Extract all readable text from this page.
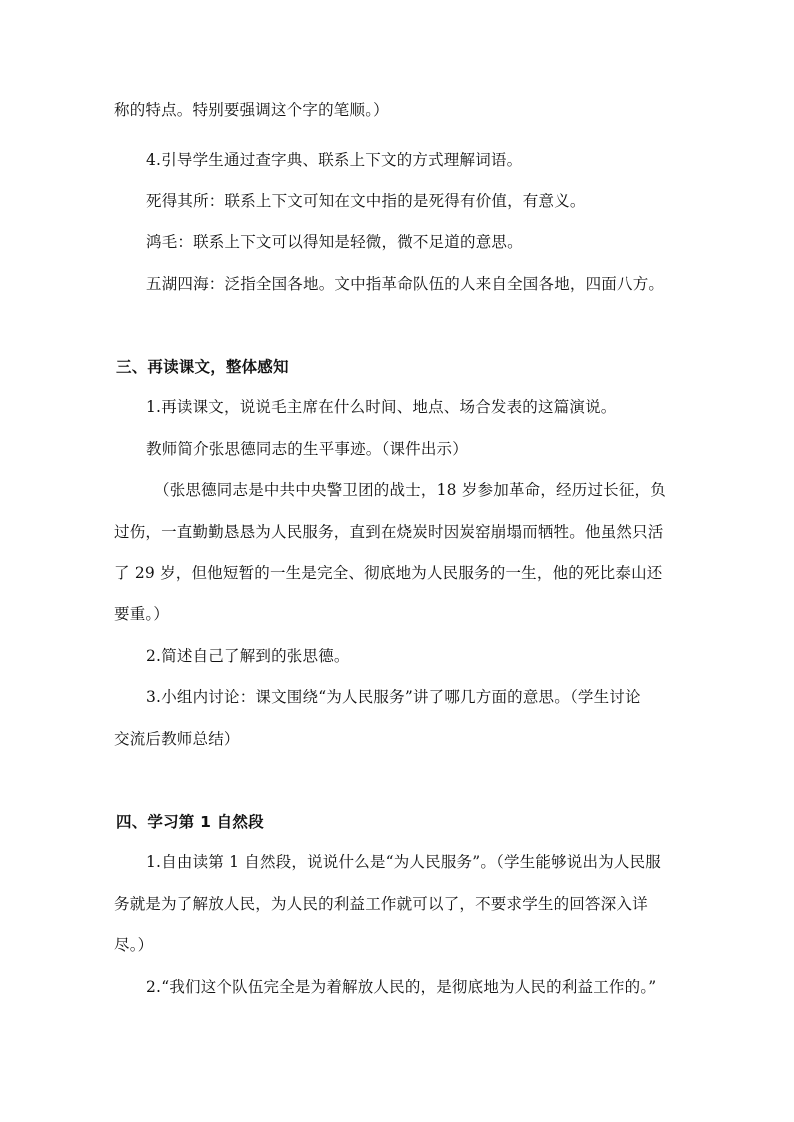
称的特点。特别要强调这个字的笔顺。）
4.引导学生通过查字典、联系上下文的方式理解词语。
死得其所：联系上下文可知在文中指的是死得有价值，有意义。
鸿毛：联系上下文可以得知是轻微，微不足道的意思。
五湖四海：泛指全国各地。文中指革命队伍的人来自全国各地，四面八方。
三、再读课文，整体感知
1.再读课文，说说毛主席在什么时间、地点、场合发表的这篇演说。
教师简介张思德同志的生平事迹。（课件出示）
（张思德同志是中共中央警卫团的战士，18 岁参加革命，经历过长征，负
过伤，一直勤勤恳恳为人民服务，直到在烧炭时因炭窑崩塌而牺牲。他虽然只活
了 29 岁，但他短暂的一生是完全、彻底地为人民服务的一生，他的死比泰山还
要重。）
2.简述自己了解到的张思德。
3.小组内讨论：课文围绕“为人民服务”讲了哪几方面的意思。（学生讨论
交流后教师总结）
四、学习第 1 自然段
1.自由读第 1 自然段，说说什么是“为人民服务”。（学生能够说出为人民服
务就是为了解放人民，为人民的利益工作就可以了，不要求学生的回答深入详
尽。）
2.“我们这个队伍完全是为着解放人民的，是彻底地为人民的利益工作的。”
